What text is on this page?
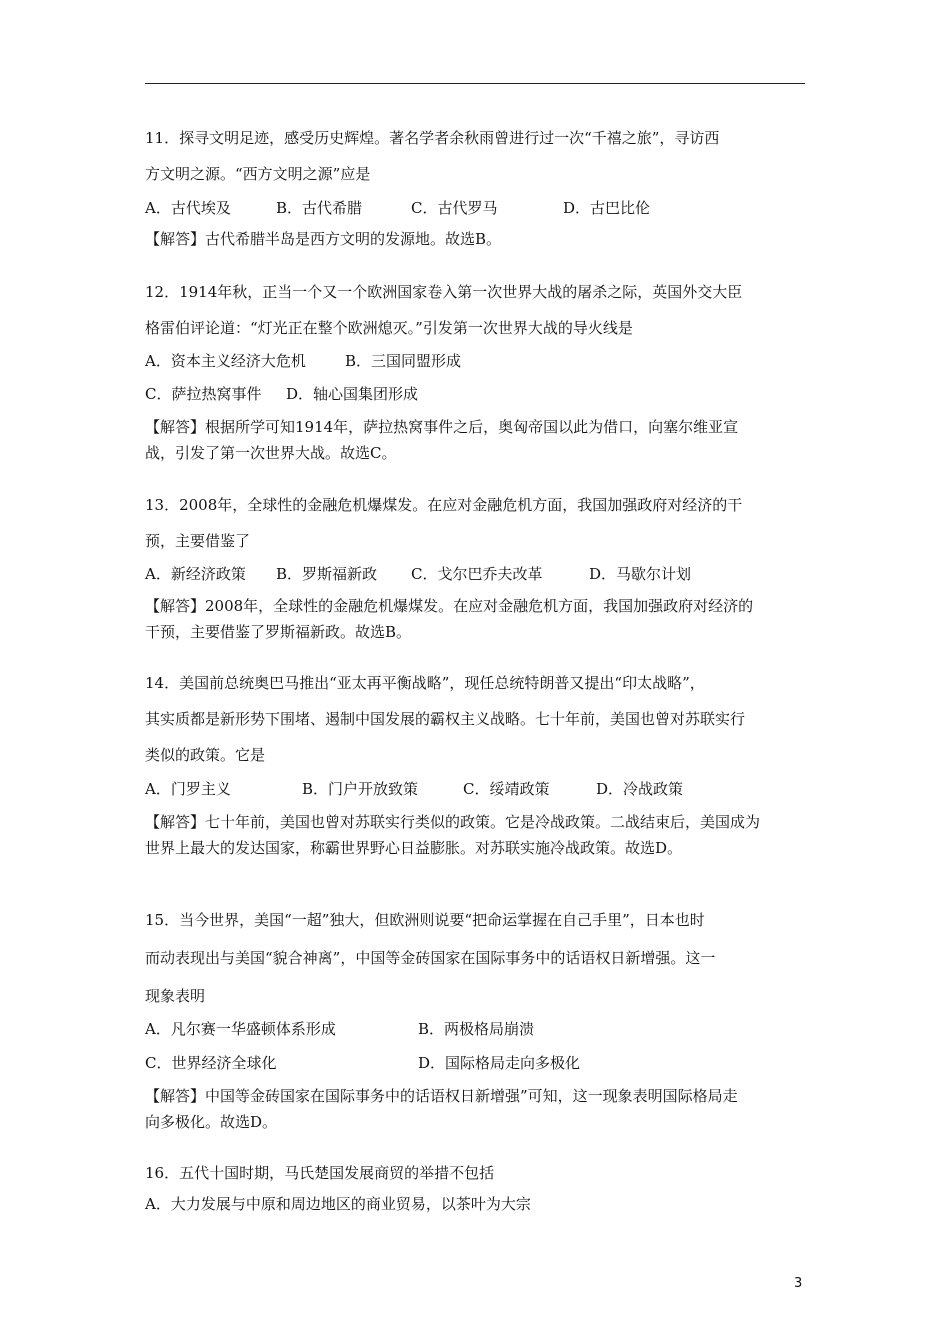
11．探寻文明足迹，感受历史辉煌。著名学者余秋雨曾进行过一次“千禧之旅”，寻访西
方文明之源。“西方文明之源”应是
A．古代埃及	B．古代希腊	C．古代罗马	D．古巴比伦
【解答】古代希腊半岛是西方文明的发源地。故选B。
12．1914年秋，正当一个又一个欧洲国家卷入第一次世界大战的屠杀之际，英国外交大臣
格雷伯评论道：“灯光正在整个欧洲熄灭。”引发第一次世界大战的导火线是
A．资本主义经济大危机	B．三国同盟形成
C．萨拉热窝事件 D．轴心国集团形成
【解答】根据所学可知1914年，萨拉热窝事件之后，奥匈帝国以此为借口，向塞尔维亚宣
战，引发了第一次世界大战。故选C。
13．2008年，全球性的金融危机爆煤发。在应对金融危机方面，我国加强政府对经济的干
预，主要借鉴了
A．新经济政策 B．罗斯福新政 C．戈尔巴乔夫改革	D．马歇尔计划
【解答】2008年，全球性的金融危机爆煤发。在应对金融危机方面，我国加强政府对经济的
干预，主要借鉴了罗斯福新政。故选B。
14．美国前总统奥巴马推出“亚太再平衡战略”，现任总统特朗普又提出“印太战略”，
其实质都是新形势下围堵、遏制中国发展的霸权主义战略。七十年前，美国也曾对苏联实行
类似的政策。它是
A．门罗主义	B．门户开放致策	C．绥靖政策	D．冷战政策
【解答】七十年前，美国也曾对苏联实行类似的政策。它是冷战政策。二战结束后，美国成为
世界上最大的发达国家，称霸世界野心日益膨胀。对苏联实施冷战政策。故选D。
15．当今世界，美国“一超”独大，但欧洲则说要“把命运掌握在自己手里”，日本也时
而动表现出与美国“貌合神离”，中国等金砖国家在国际事务中的话语权日新增强。这一
现象表明
A．凡尔赛一华盛顿体系形成	B．两极格局崩溃
C．世界经济全球化	D．国际格局走向多极化
【解答】中国等金砖国家在国际事务中的话语权日新增强”可知，这一现象表明国际格局走
向多极化。故选D。
16．五代十国时期，马氏楚国发展商贸的举措不包括
A．大力发展与中原和周边地区的商业贸易，以茶叶为大宗
3
